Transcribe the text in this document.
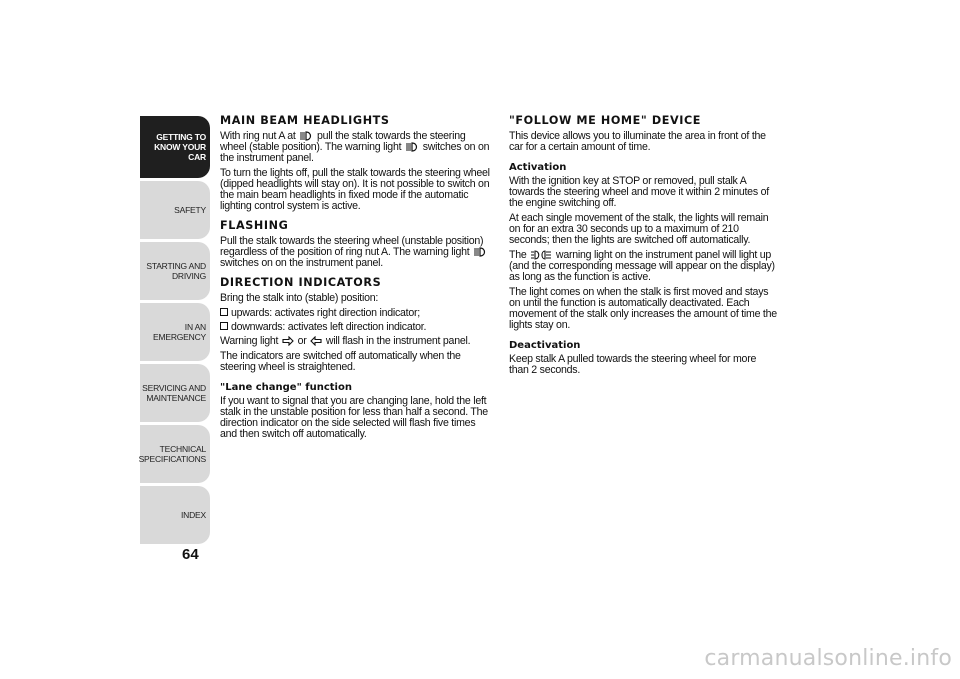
GETTING TO
KNOW YOUR CAR
SAFETY
STARTING AND
DRIVING
IN AN EMERGENCY
SERVICING AND
MAINTENANCE
TECHNICAL
SPECIFICATIONS
INDEX
64
MAIN BEAM HEADLIGHTS

With ring nut A at pull the stalk towards the steering wheel (stable position). The warning light switches on on the instrument panel.

To turn the lights off, pull the stalk towards the steering wheel (dipped headlights will stay on). It is not possible to switch on the main beam headlights in fixed mode if the automatic lighting control system is active.

FLASHING

Pull the stalk towards the steering wheel (unstable position) regardless of the position of ring nut A. The warning light  switches on on the instrument panel.

DIRECTION INDICATORS

Bring the stalk into (stable) position:

upwards: activates right direction indicator;
downwards: activates left direction indicator.

Warning light or will flash in the instrument panel.

The indicators are switched off automatically when the steering wheel is straightened.

"Lane change" function

If you want to signal that you are changing lane, hold the left stalk in the unstable position for less than half a second. The direction indicator on the side selected will flash five times and then switch off automatically.

"FOLLOW ME HOME" DEVICE

This device allows you to illuminate the area in front of the car for a certain amount of time.

Activation

With the ignition key at STOP or removed, pull stalk A towards the steering wheel and move it within 2 minutes of the engine switching off.

At each single movement of the stalk, the lights will remain on for an extra 30 seconds up to a maximum of 210 seconds; then the lights are switched off automatically.

The	warning light on the instrument panel will light up (and the corresponding message will appear on the display) as long as the function is active.

The light comes on when the stalk is first moved and stays on until the function is automatically deactivated. Each movement of the stalk only increases the amount of time the lights stay on.

Deactivation

Keep stalk A pulled towards the steering wheel for more than 2 seconds.

carmanualsonline.info
